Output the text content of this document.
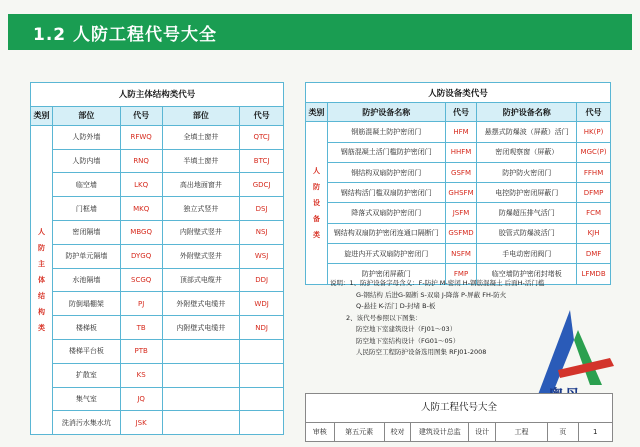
1.2 人防工程代号大全
人防主体结构类代号				
类别	部位	代号	部位	代号
人防主体结构类	人防外墙	RFWQ	全填土窗井	QTCJ
	人防内墙	RNQ	半填土窗井	BTCJ
	临空墙	LKQ	高出地面窗井	GDCJ
	门框墙	MKQ	独立式竖井	DSJ
	密闭隔墙	MBGQ	内附壁式竖井	NSJ
	防护单元隔墙	DYGQ	外附壁式竖井	WSJ
	水池隔墙	SCGQ	顶部式电缆井	DDJ
	防倒塌棚架	PJ	外附壁式电缆井	WDJ
	楼梯板	TB	内附壁式电缆井	NDJ
	楼梯平台板	PTB		
	扩散室	KS		
	集气室	JQ		
	洗消污水集水坑	JSK		
人防设备类代号				
类别	防护设备名称	代号	防护设备名称	代号
人防设备类	钢筋混凝土防护密闭门	HFM	悬摆式防爆波（屏蔽）活门	HK(P)
	钢筋混凝土活门槛防护密闭门	HHFM	密闭观察窗（屏蔽）	MGC(P)
	钢结构双扇防护密闭门	GSFM	防护防火密闭门	FFHM
	钢结构活门槛双扇防护密闭门	GHSFM	电控防护密闭屏蔽门	DFMP
	降落式双扇防护密闭门	JSFM	防爆超压排气活门	FCM
	钢结构双扇防护密闭连通口隔断门	GSFMD	胶管式防爆波活门	KJH
	旋进内开式双扇防护密闭门	NSFM	手电动密闭阀门	DMF
	防护密闭屏蔽门	FMP	临空墙防护密闭封堵板	LFMDB
说明：1、防护设备字母含义：F-防护 M-密闭 H-钢筋混凝土 后面H-活门槛
G-钢结构 后进G-隔断 S-双扇 J-降落 P-屏蔽 FH-防火
Q-悬挂 K-活门 D-封堵 B-板
2、该代号参照以下图集：
防空地下室建筑设计（FJ01～03）
防空地下室结构设计（FG01～05）
人民防空工程防护设备选用图集 RFJ01-2008
人防工程代号大全
审核	第五元素	校对	建筑设计总监	设计	工程	页	1
